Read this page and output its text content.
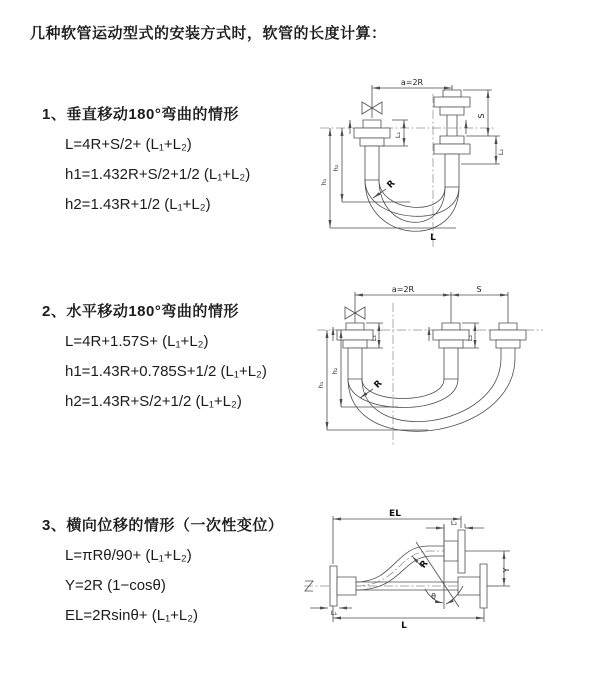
几种软管运动型式的安装方式时，软管的长度计算：
1、垂直移动180°弯曲的情形
L=4R+S/2+ (L₁+L₂)
h1=1.432R+S/2+1/2 (L₁+L₂)
h2=1.43R+1/2 (L₁+L₂)
2、水平移动180°弯曲的情形
L=4R+1.57S+ (L₁+L₂)
h1=1.43R+0.785S+1/2 (L₁+L₂)
h2=1.43R+S/2+1/2 (L₁+L₂)
3、横向位移的情形（一次性变位）
L=πRθ/90+ (L₁+L₂)
Y=2R (1−cosθ)
EL=2Rsinθ+ (L₁+L₂)
a=2R
h₂
h₁
S
L₂
L₁
R
L
a=2R	S
h₂
h₁
L₁	L₂
R
EL
L₂
Y
θ
R
L
L₁
